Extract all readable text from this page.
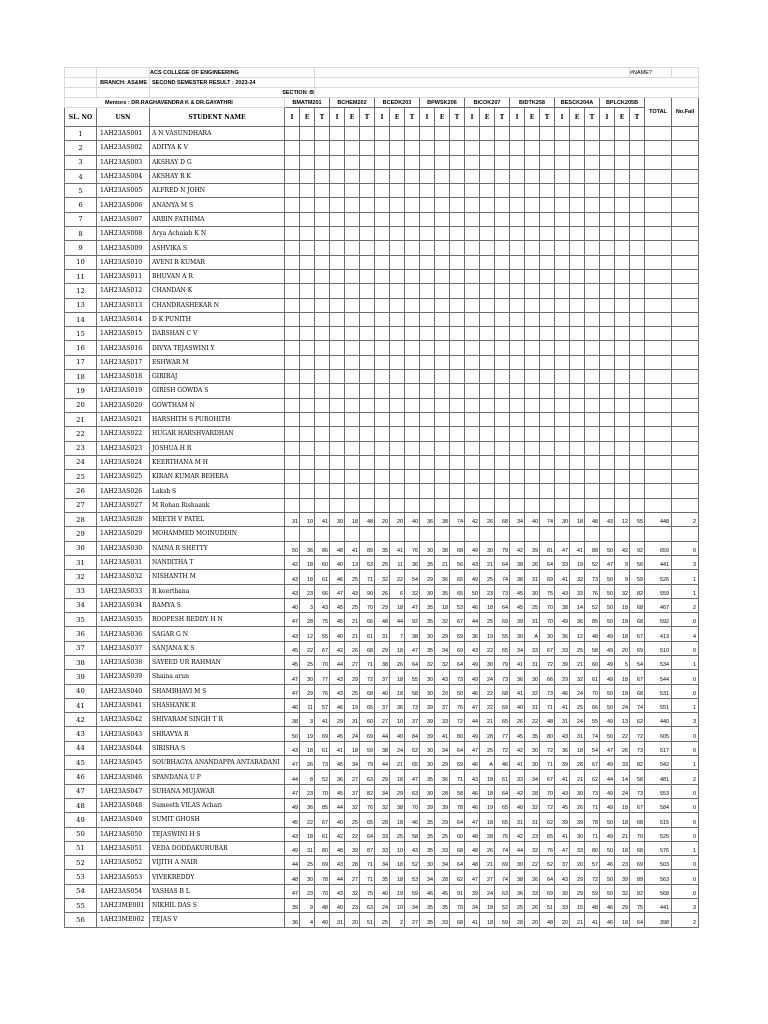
		ACS COLLEGE OF ENGINEERING																								#NAME?		
	BRANCH: AS&ME	SECOND SEMESTER RESULT : 2023-24																										
		SECTION :B																										
Mentors : DR.RAGHAVENDRA K & DR.GAYATHRI			BMATM201			BCHEM202			BCEDK203			BPWSK206			BICOK207			BIDTK258			BESCK204A			BPLCK205B			TOTAL	No.Fail
SL. NO	USN	STUDENT NAME	I	E	T	I	E	T	I	E	T	I	E	T	I	E	T	I	E	T	I	E	T	I	E	T		
1	1AH23AS001	A N VASUNDHARA																										
2	1AH23AS002	ADITYA K V																										
3	1AH23AS003	AKSHAY D G																										
4	1AH23AS004	AKSHAY R K																										
5	1AH23AS005	ALFRED N JOHN																										
6	1AH23AS006	ANANYA M S																										
7	1AH23AS007	ARBIN FATHIMA																										
8	1AH23AS008	Arya Achaiah K N																										
9	1AH23AS009	ASHVIKA S																										
10	1AH23AS010	AVENI R KUMAR																										
11	1AH23AS011	BHUVAN A R																										
12	1AH23AS012	CHANDAN K																										
13	1AH23AS013	CHANDRASHEKAR N																										
14	1AH23AS014	D K PUNITH																										
15	1AH23AS015	DARSHAN C V																										
16	1AH23AS016	DIVYA TEJASWINI Y																										
17	1AH23AS017	ESHWAR M																										
18	1AH23AS018	GIRIRAJ																										
19	1AH23AS019	GIRISH GOWDA S																										
20	1AH23AS020	GOWTHAM N																										
21	1AH23AS021	HARSHITH S PUROHITH																										
22	1AH23AS022	HUGAR HARSHVARDHAN																										
23	1AH23AS023	JOSHUA H R																										
24	1AH23AS024	KEERTHANA M H																										
25	1AH23AS025	KIRAN KUMAR BEHERA																										
26	1AH23AS026	Laksh S																										
27	1AH23AS027	M Rohan Rishaank																										
28	1AH23AS028	MEETH V PATEL	31	10	41	30	18	48	20	20	40	36	38	74	42	26	68	34	40	74	30	18	48	43	12	55	448	2
29	1AH23AS029	MOHAMMED MOINUDDIN																										
30	1AH23AS030	NAINA R SHETTY	50	36	86	48	41	89	35	41	76	30	38	68	49	30	79	42	39	81	47	41	88	50	42	92	659	0
31	1AH23AS031	NANDITHA T	42	18	60	40	13	53	25	11	36	35	21	56	43	21	64	38	26	64	33	19	52	47	9	56	441	3
32	1AH23AS032	NISHANTH M	43	18	61	46	25	71	32	22	54	29	36	65	49	25	74	38	31	69	41	32	73	50	9	59	526	1
33	1AH23AS033	R keerthana	43	23	66	47	43	90	26	6	32	30	35	65	50	23	73	45	30	75	43	33	76	50	32	82	559	1
34	1AH23AS034	RAMYA S	40	3	43	45	25	70	29	18	47	35	18	53	46	18	64	45	25	70	38	14	52	50	18	68	467	2
35	1AH23AS035	ROOPESH REDDY H N	47	28	75	45	21	66	48	44	92	35	32	67	44	25	69	39	31	70	49	36	85	50	18	68	592	0
36	1AH23AS036	SAGAR G N	43	12	55	40	21	61	31	7	38	30	29	59	36	19	55	30	A	30	36	12	48	49	18	67	413	4
37	1AH23AS037	SANJANA K S	45	22	67	42	26	68	29	18	47	35	34	69	43	22	65	34	33	67	33	25	58	49	20	69	510	0
38	1AH23AS038	SAYEED UR RAHMAN	45	25	70	44	27	71	38	26	64	32	32	64	49	30	79	41	31	72	39	21	60	49	5	54	534	1
39	1AH23AS039	Shaina arun	47	30	77	43	29	72	37	18	55	30	43	73	49	24	73	36	30	66	29	32	61	49	18	67	544	0
40	1AH23AS040	SHAMBHAVI M S	47	29	76	43	25	68	40	18	58	30	20	50	46	22	68	41	32	73	46	24	70	50	18	68	531	0
41	1AH23AS041	SHASHANK R	46	11	57	46	19	65	37	36	73	39	37	76	47	22	69	40	31	71	41	25	66	50	24	74	551	1
42	1AH23AS042	SHIVARAM SINGH T R	38	3	41	29	31	60	27	10	37	39	33	72	44	21	65	26	22	48	31	24	55	49	13	62	440	3
43	1AH23AS043	SHRAVYA R	50	19	69	45	24	69	44	40	84	39	41	80	49	28	77	45	35	80	43	31	74	50	22	72	605	0
44	1AH23AS044	SIRISHA S	43	18	61	41	18	59	38	24	62	30	34	64	47	25	72	42	30	72	36	18	54	47	26	73	517	0
45	1AH23AS045	SOUBHAGYA ANANDAPPA ANTARADANI	47	26	73	45	34	79	44	21	65	30	29	59	46	A	46	41	30	71	39	28	67	49	33	82	542	1
46	1AH23AS046	SPANDANA U P	44	8	52	36	27	63	29	18	47	35	36	71	43	18	61	33	34	67	41	21	62	44	14	58	481	2
47	1AH23AS047	SUHANA MUJAWAR	47	23	70	45	37	82	34	29	63	30	28	58	46	18	64	42	28	70	43	30	73	49	24	73	553	0
48	1AH23AS048	Sumeeth VILAS Achari	49	36	85	44	32	76	32	38	70	39	39	78	46	19	65	40	32	72	45	26	71	49	18	67	584	0
49	1AH23AS049	SUMIT GHOSH	45	22	67	40	25	65	28	18	46	35	29	64	47	18	65	31	31	62	39	39	78	50	18	68	515	0
50	1AH23AS050	TEJASWINI H S	43	18	61	42	22	64	33	25	58	35	25	60	48	28	76	42	23	65	41	30	71	49	21	70	525	0
51	1AH23AS051	VEDA DODDAKURUBAR	49	31	80	48	39	87	33	10	43	35	33	68	48	26	74	44	32	76	47	33	80	50	18	68	576	1
52	1AH23AS052	VIJITH A NAIR	44	25	69	43	28	71	34	18	52	30	34	64	48	21	69	30	22	52	37	20	57	46	23	69	503	0
53	1AH23AS053	VIVEKREDDY	48	30	78	44	27	71	35	18	53	34	28	62	47	27	74	38	26	64	43	29	72	50	39	89	563	0
54	1AH23AS054	YASHAS B L	47	23	70	43	32	75	40	19	59	46	45	91	39	24	63	36	33	69	30	29	59	50	32	82	568	0
55	1AH23ME001	NIKHIL DAS S	39	9	48	40	23	63	24	10	34	35	35	70	34	18	52	25	26	51	33	15	48	46	29	75	441	3
56	1AH23ME002	TEJAS V	36	4	40	31	20	51	25	2	27	35	33	68	41	18	59	28	20	48	20	21	41	46	18	64	398	2
